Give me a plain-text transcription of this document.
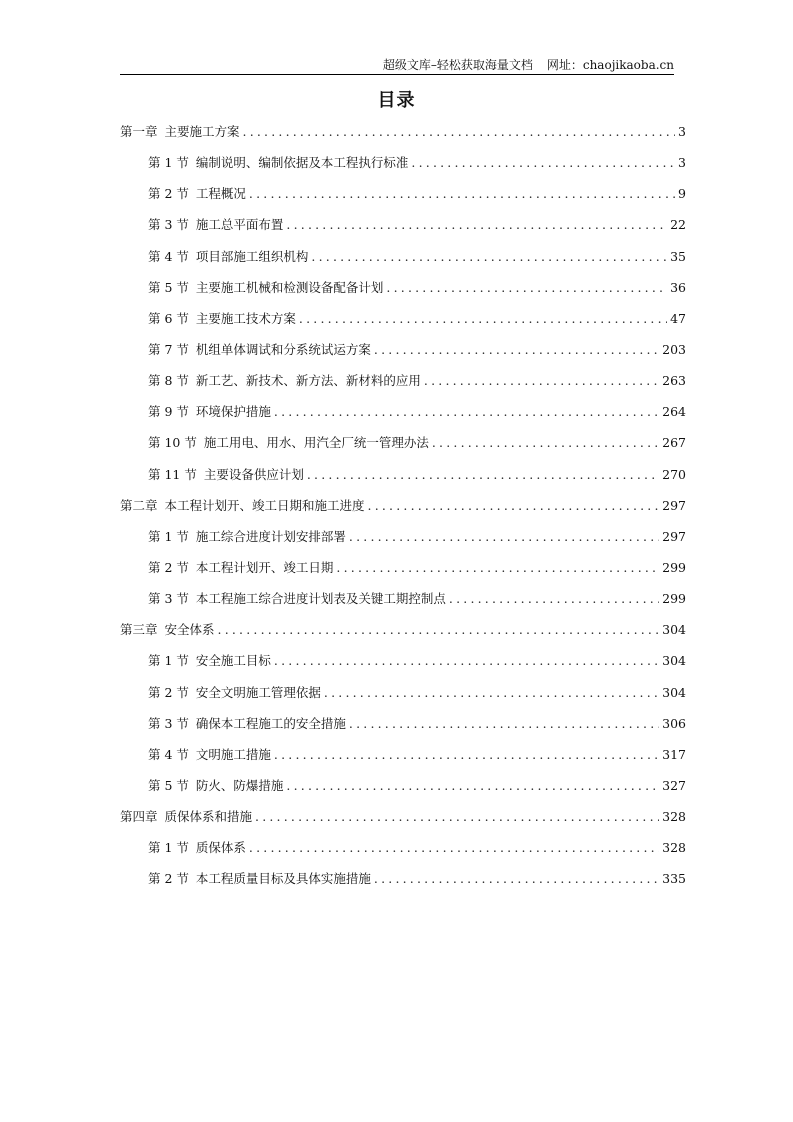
超级文库–轻松获取海量文档 网址：chaojikaoba.cn
目录
第一章 主要施工方案 .....	3
第 1 节 编制说明、编制依据及本工程执行标准 .....	3
第 2 节 工程概况 .....	9
第 3 节 施工总平面布置 .....	22
第 4 节 项目部施工组织机构 .....	35
第 5 节 主要施工机械和检测设备配备计划 .....	36
第 6 节 主要施工技术方案 .....	47
第 7 节 机组单体调试和分系统试运方案 .....	203
第 8 节 新工艺、新技术、新方法、新材料的应用 .....	263
第 9 节 环境保护措施 .....	264
第 10 节 施工用电、用水、用汽全厂统一管理办法 .....	267
第 11 节 主要设备供应计划 .....	270
第二章 本工程计划开、竣工日期和施工进度 .....	297
第 1 节 施工综合进度计划安排部署 .....	297
第 2 节 本工程计划开、竣工日期 .....	299
第 3 节 本工程施工综合进度计划表及关键工期控制点 .....	299
第三章 安全体系 .....	304
第 1 节 安全施工目标 .....	304
第 2 节 安全文明施工管理依据 .....	304
第 3 节 确保本工程施工的安全措施 .....	306
第 4 节 文明施工措施 .....	317
第 5 节 防火、防爆措施 .....	327
第四章 质保体系和措施 .....	328
第 1 节 质保体系 .....	328
第 2 节 本工程质量目标及具体实施措施 .....	335
